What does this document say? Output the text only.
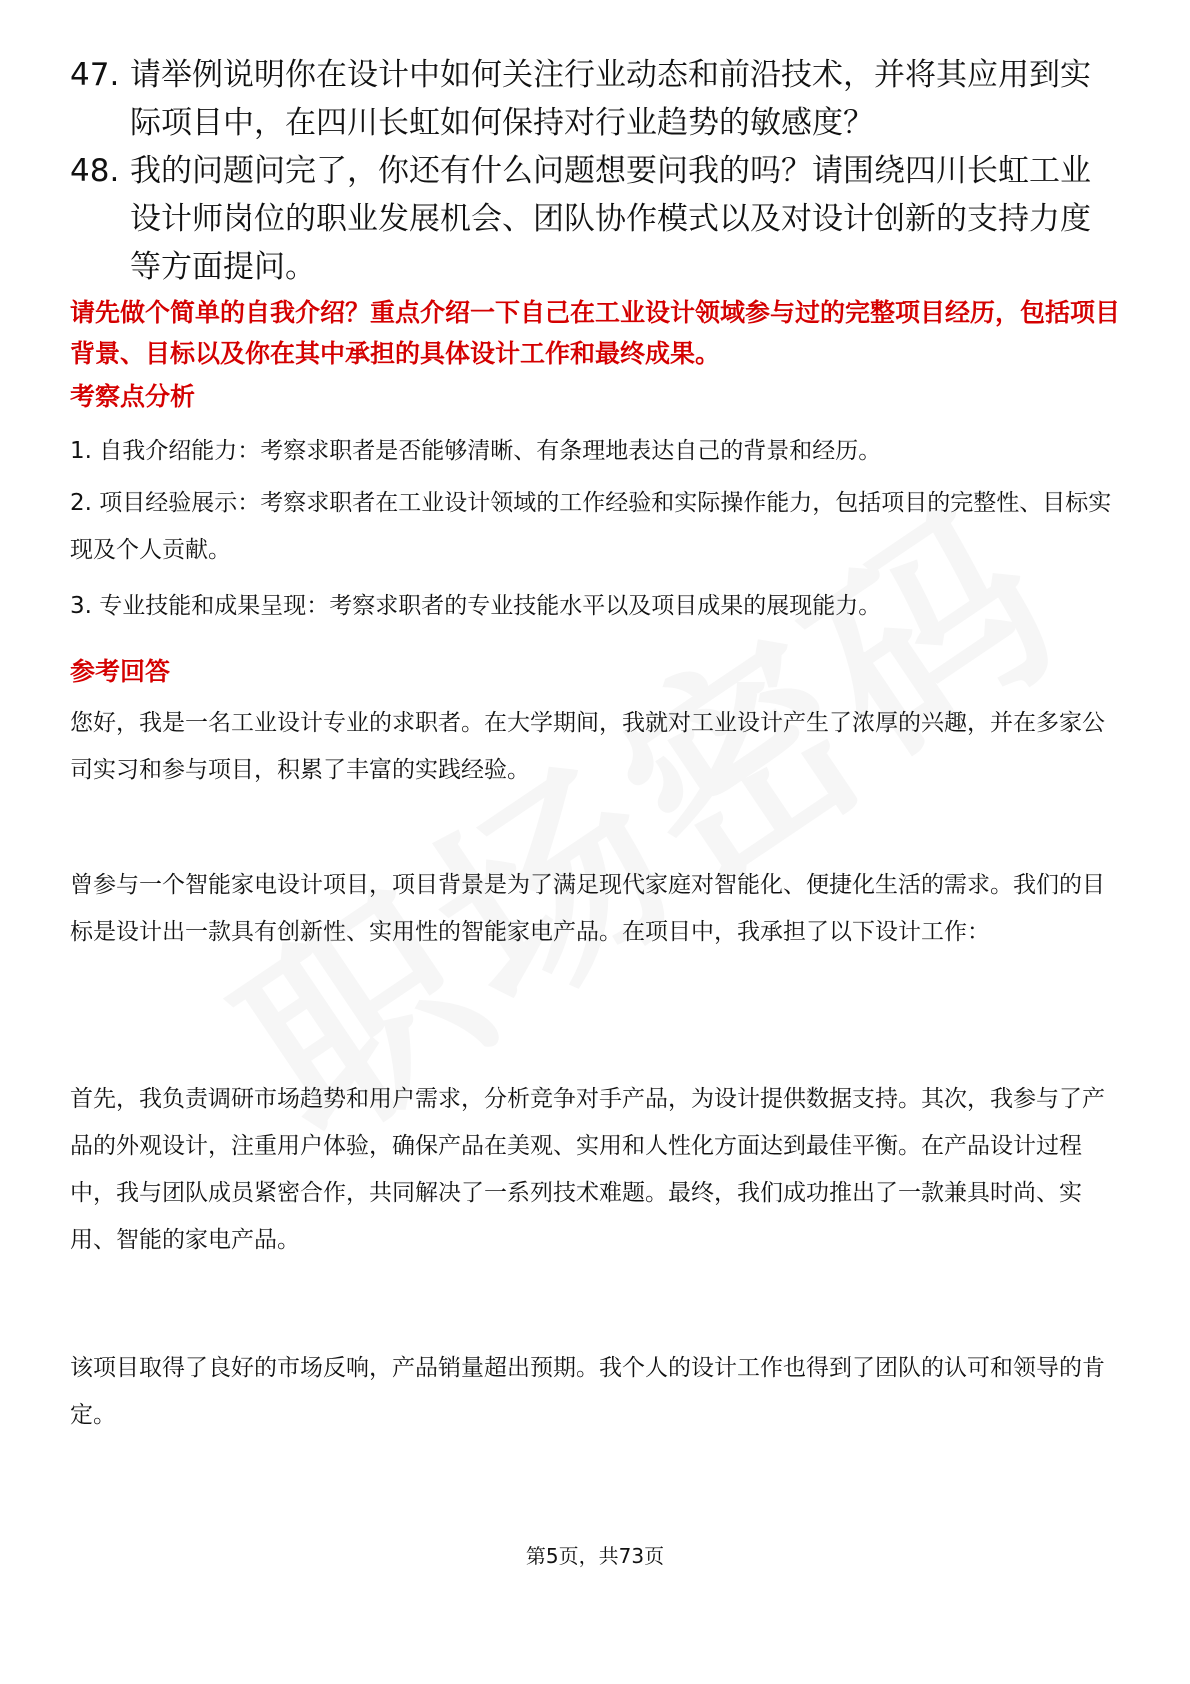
47. 请举例说明你在设计中如何关注行业动态和前沿技术，并将其应用到实际项目中，在四川长虹如何保持对行业趋势的敏感度？
48. 我的问题问完了，你还有什么问题想要问我的吗？请围绕四川长虹工业设计师岗位的职业发展机会、团队协作模式以及对设计创新的支持力度等方面提问。
请先做个简单的自我介绍？重点介绍一下自己在工业设计领域参与过的完整项目经历，包括项目背景、目标以及你在其中承担的具体设计工作和最终成果。
考察点分析
1. 自我介绍能力：考察求职者是否能够清晰、有条理地表达自己的背景和经历。
2. 项目经验展示：考察求职者在工业设计领域的工作经验和实际操作能力，包括项目的完整性、目标实现及个人贡献。
3. 专业技能和成果呈现：考察求职者的专业技能水平以及项目成果的展现能力。
参考回答
您好，我是一名工业设计专业的求职者。在大学期间，我就对工业设计产生了浓厚的兴趣，并在多家公司实习和参与项目，积累了丰富的实践经验。
曾参与一个智能家电设计项目，项目背景是为了满足现代家庭对智能化、便捷化生活的需求。我们的目标是设计出一款具有创新性、实用性的智能家电产品。在项目中，我承担了以下设计工作：
首先，我负责调研市场趋势和用户需求，分析竞争对手产品，为设计提供数据支持。其次，我参与了产品的外观设计，注重用户体验，确保产品在美观、实用和人性化方面达到最佳平衡。在产品设计过程中，我与团队成员紧密合作，共同解决了一系列技术难题。最终，我们成功推出了一款兼具时尚、实用、智能的家电产品。
该项目取得了良好的市场反响，产品销量超出预期。我个人的设计工作也得到了团队的认可和领导的肯定。
第5页，共73页
